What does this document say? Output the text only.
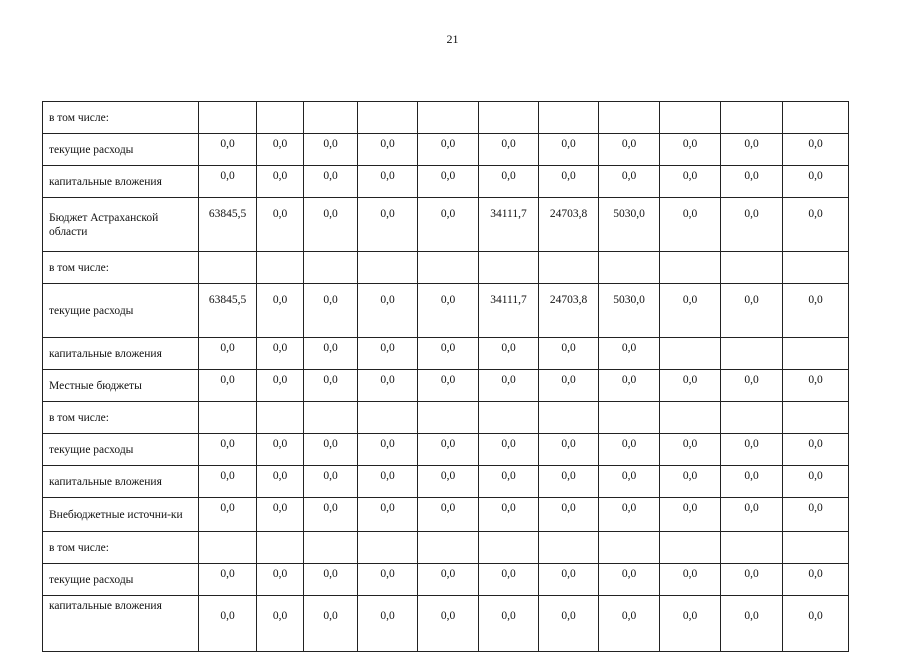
21
в том числе:											
текущие расходы	0,0	0,0	0,0	0,0	0,0	0,0	0,0	0,0	0,0	0,0	0,0
капитальные вложения	0,0	0,0	0,0	0,0	0,0	0,0	0,0	0,0	0,0	0,0	0,0
Бюджет Астраханской области	63845,5	0,0	0,0	0,0	0,0	34111,7	24703,8	5030,0	0,0	0,0	0,0
в том числе:											
текущие расходы	63845,5	0,0	0,0	0,0	0,0	34111,7	24703,8	5030,0	0,0	0,0	0,0
капитальные вложения	0,0	0,0	0,0	0,0	0,0	0,0	0,0	0,0			
Местные бюджеты	0,0	0,0	0,0	0,0	0,0	0,0	0,0	0,0	0,0	0,0	0,0
в том числе:											
текущие расходы	0,0	0,0	0,0	0,0	0,0	0,0	0,0	0,0	0,0	0,0	0,0
капитальные вложения	0,0	0,0	0,0	0,0	0,0	0,0	0,0	0,0	0,0	0,0	0,0
Внебюджетные источни-ки	0,0	0,0	0,0	0,0	0,0	0,0	0,0	0,0	0,0	0,0	0,0
в том числе:											
текущие расходы	0,0	0,0	0,0	0,0	0,0	0,0	0,0	0,0	0,0	0,0	0,0
капитальные вложения	0,0	0,0	0,0	0,0	0,0	0,0	0,0	0,0	0,0	0,0	0,0
